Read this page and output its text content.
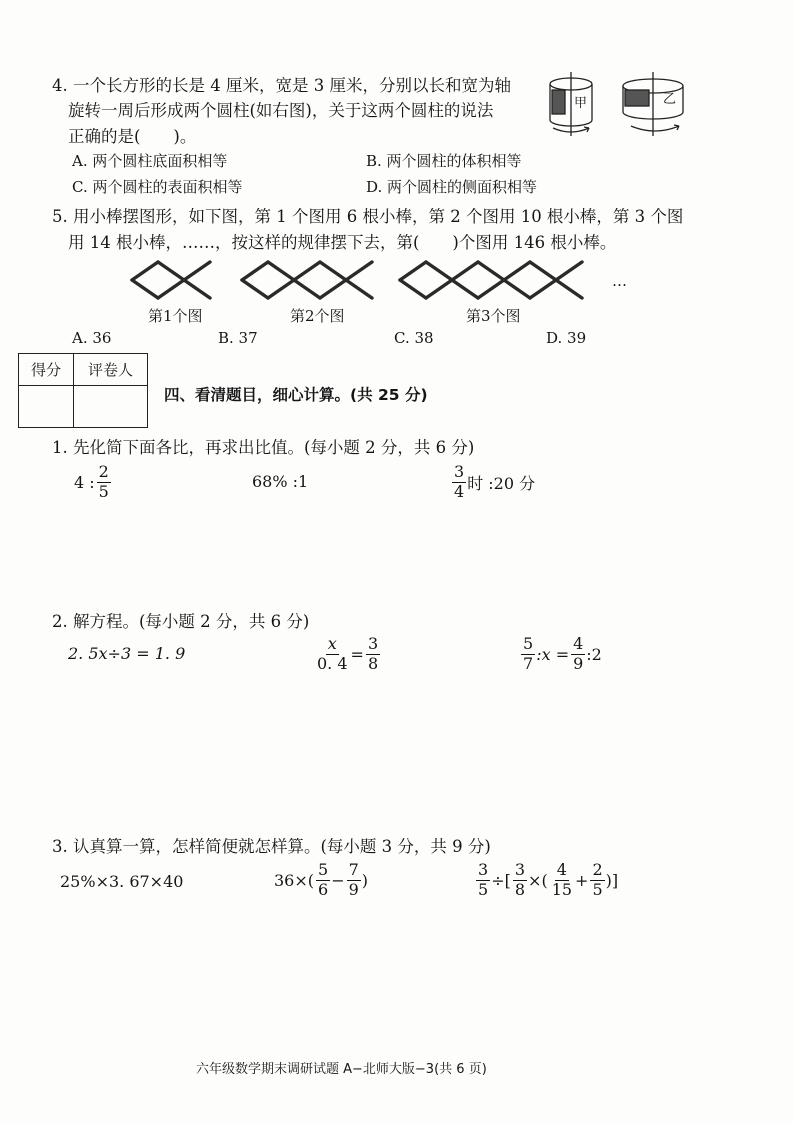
4. 一个长方形的长是 4 厘米，宽是 3 厘米，分别以长和宽为轴
旋转一周后形成两个圆柱(如右图)，关于这两个圆柱的说法
正确的是(　　)。
A. 两个圆柱底面积相等	B. 两个圆柱的体积相等
C. 两个圆柱的表面积相等	D. 两个圆柱的侧面积相等
甲	乙
5. 用小棒摆图形，如下图，第 1 个图用 6 根小棒，第 2 个图用 10 根小棒，第 3 个图
用 14 根小棒，……，按这样的规律摆下去，第(　　)个图用 146 根小棒。
第1个图	第2个图	第3个图
…
A. 36	B. 37	C. 38	D. 39
得分	评卷人

四、看清题目，细心计算。(共 25 分)
1. 先化简下面各比，再求出比值。(每小题 2 分，共 6 分)
4 : $\frac{2}{5}$	68% :1	$\frac{3}{4}$ 时 :20 分
2. 解方程。(每小题 2 分，共 6 分)
2. 5x÷3 = 1. 9	$\frac{x}{0. 4} = \frac{3}{8}$	$\frac{5}{7}$ :x = $\frac{4}{9}$ :2
3. 认真算一算，怎样简便就怎样算。(每小题 3 分，共 9 分)
25%×3. 67×40	$36\times( \frac{5}{6} - \frac{7}{9}$ )	$\frac{3}{5}$ ÷[ $\frac{3}{8}$ ×( $\frac{4}{15} + \frac{2}{5}$ )]
六年级数学期末调研试题 A−北师大版−3(共 6 页)
